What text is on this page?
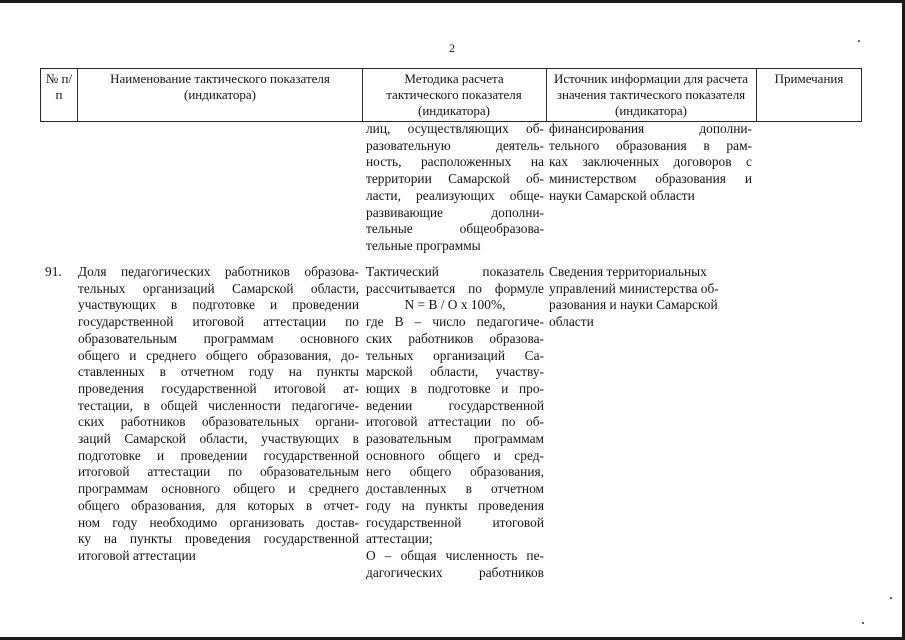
2
№ п/п
Наименование тактического показателя (индикатора)
Методика расчета тактического показателя (индикатора)
Источник информации для расчета значения тактического показателя (индикатора)
Примечания
лиц, осуществляющих об-
разовательную деятель-
ность, расположенных на
территории Самарской об-
ласти, реализующих обще-
развивающие дополни-
тельные общеобразова-
тельные программы
финансирования дополни-
тельного образования в рам-
ках заключенных договоров с
министерством образования и
науки Самарской области
91. Доля педагогических работников образова-
тельных организаций Самарской области,
участвующих в подготовке и проведении
государственной итоговой аттестации по
образовательным программам основного
общего и среднего общего образования, до-
ставленных в отчетном году на пункты
проведения государственной итоговой ат-
тестации, в общей численности педагогиче-
ских работников образовательных органи-
заций Самарской области, участвующих в
подготовке и проведении государственной
итоговой аттестации по образовательным
программам основного общего и среднего
общего образования, для которых в отчет-
ном году необходимо организовать достав-
ку на пункты проведения государственной
итоговой аттестации
Тактический показатель
рассчитывается по формуле
N = B / O x 100%,
где B – число педагогиче-
ских работников образова-
тельных организаций Са-
марской области, участву-
ющих в подготовке и про-
ведении государственной
итоговой аттестации по об-
разовательным программам
основного общего и сред-
него общего образования,
доставленных в отчетном
году на пункты проведения
государственной итоговой
аттестации;
O – общая численность пе-
дагогических работников
Сведения территориальных
управлений министерства об-
разования и науки Самарской
области
